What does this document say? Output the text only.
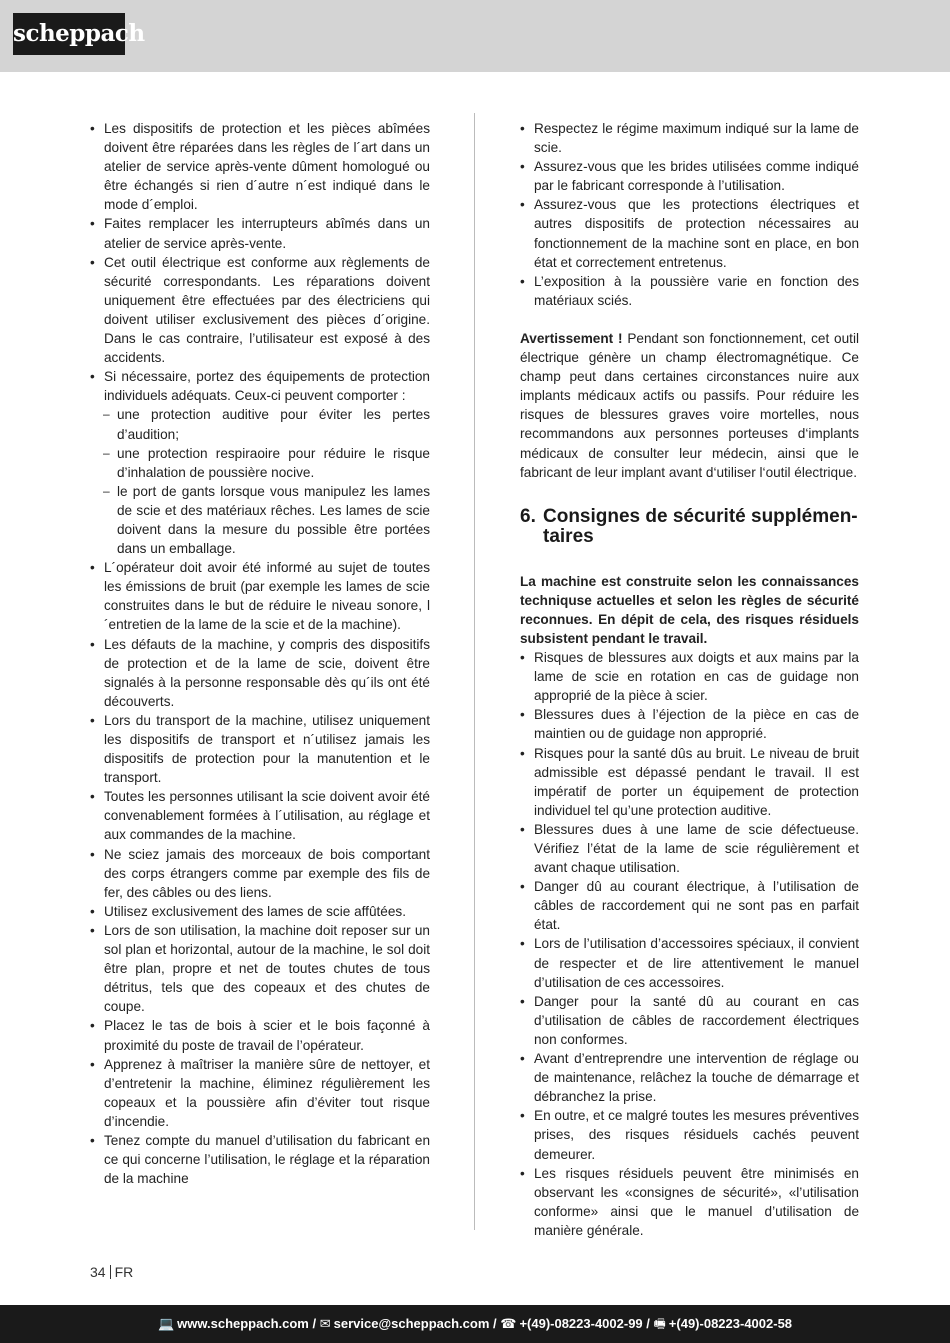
scheppach
• Les dispositifs de protection et les pièces abîmées doivent être réparées dans les règles de l´art dans un atelier de service après-vente dûment homologué ou être échangés si rien d´autre n´est indiqué dans le mode d´emploi.
• Faites remplacer les interrupteurs abîmés dans un atelier de service après-vente.
• Cet outil électrique est conforme aux règlements de sécurité correspondants. Les réparations doivent uniquement être effectuées par des électriciens qui doivent utiliser exclusivement des pièces d´origine. Dans le cas contraire, l’utilisateur est exposé à des accidents.
• Si nécessaire, portez des équipements de protection individuels adéquats. Ceux-ci peuvent comporter :
– une protection auditive pour éviter les pertes d’audition;
– une protection respiraoire pour réduire le risque d’inhalation de poussière nocive.
– le port de gants lorsque vous manipulez les lames de scie et des matériaux rêches. Les lames de scie doivent dans la mesure du possible être portées dans un emballage.
• L´opérateur doit avoir été informé au sujet de toutes les émissions de bruit (par exemple les lames de scie construites dans le but de réduire le niveau sonore, l´entretien de la lame de la scie et de la machine).
• Les défauts de la machine, y compris des dispositifs de protection et de la lame de scie, doivent être signalés à la personne responsable dès qu´ils ont été découverts.
• Lors du transport de la machine, utilisez uniquement les dispositifs de transport et n´utilisez jamais les dispositifs de protection pour la manutention et le transport.
• Toutes les personnes utilisant la scie doivent avoir été convenablement formées à l´utilisation, au réglage et aux commandes de la machine.
• Ne sciez jamais des morceaux de bois comportant des corps étrangers comme par exemple des fils de fer, des câbles ou des liens.
• Utilisez exclusivement des lames de scie affûtées.
• Lors de son utilisation, la machine doit reposer sur un sol plan et horizontal, autour de la machine, le sol doit être plan, propre et net de toutes chutes de tous détritus, tels que des copeaux et des chutes de coupe.
• Placez le tas de bois à scier et le bois façonné à proximité du poste de travail de l’opérateur.
• Apprenez à maîtriser la manière sûre de nettoyer, et d’entretenir la machine, éliminez régulièrement les copeaux et la poussière afin d’éviter tout risque d’incendie.
• Tenez compte du manuel d’utilisation du fabricant en ce qui concerne l’utilisation, le réglage et la réparation de la machine
• Respectez le régime maximum indiqué sur la lame de scie.
• Assurez-vous que les brides utilisées comme indiqué par le fabricant corresponde à l’utilisation.
• Assurez-vous que les protections électriques et autres dispositifs de protection nécessaires au fonctionnement de la machine sont en place, en bon état et correctement entretenus.
• L’exposition à la poussière varie en fonction des matériaux sciés.

Avertissement ! Pendant son fonctionnement, cet outil électrique génère un champ électromagnétique. Ce champ peut dans certaines circonstances nuire aux implants médicaux actifs ou passifs. Pour réduire les risques de blessures graves voire mortelles, nous recommandons aux personnes porteuses d‘implants médicaux de consulter leur médecin, ainsi que le fabricant de leur implant avant d‘utiliser l‘outil électrique.

6. Consignes de sécurité supplémen-
taires

La machine est construite selon les connaissances techniquse actuelles et selon les règles de sécurité reconnues. En dépit de cela, des risques résiduels subsistent pendant le travail.

• Risques de blessures aux doigts et aux mains par la lame de scie en rotation en cas de guidage non approprié de la pièce à scier.
• Blessures dues à l’éjection de la pièce en cas de maintien ou de guidage non approprié.
• Risques pour la santé dûs au bruit. Le niveau de bruit admissible est dépassé pendant le travail. Il est impératif de porter un équipement de protection individuel tel qu’une protection auditive.
• Blessures dues à une lame de scie défectueuse. Vérifiez l’état de la lame de scie régulièrement et avant chaque utilisation.
• Danger dû au courant électrique, à l’utilisation de câbles de raccordement qui ne sont pas en parfait état.
• Lors de l’utilisation d’accessoires spéciaux, il convient de respecter et de lire attentivement le manuel d’utilisation de ces accessoires.
• Danger pour la santé dû au courant en cas d’utilisation de câbles de raccordement électriques non conformes.
• Avant d’entreprendre une intervention de réglage ou de maintenance, relâchez la touche de démarrage et débranchez la prise.
• En outre, et ce malgré toutes les mesures préventives prises, des risques résiduels cachés peuvent demeurer.
• Les risques résiduels peuvent être minimisés en observant les «consignes de sécurité», «l’utilisation conforme» ainsi que le manuel d’utilisation de manière générale.
34 FR
💻 www.scheppach.com / ✉ service@scheppach.com / ☎ +(49)-08223-4002-99 / 🖷 +(49)-08223-4002-58
